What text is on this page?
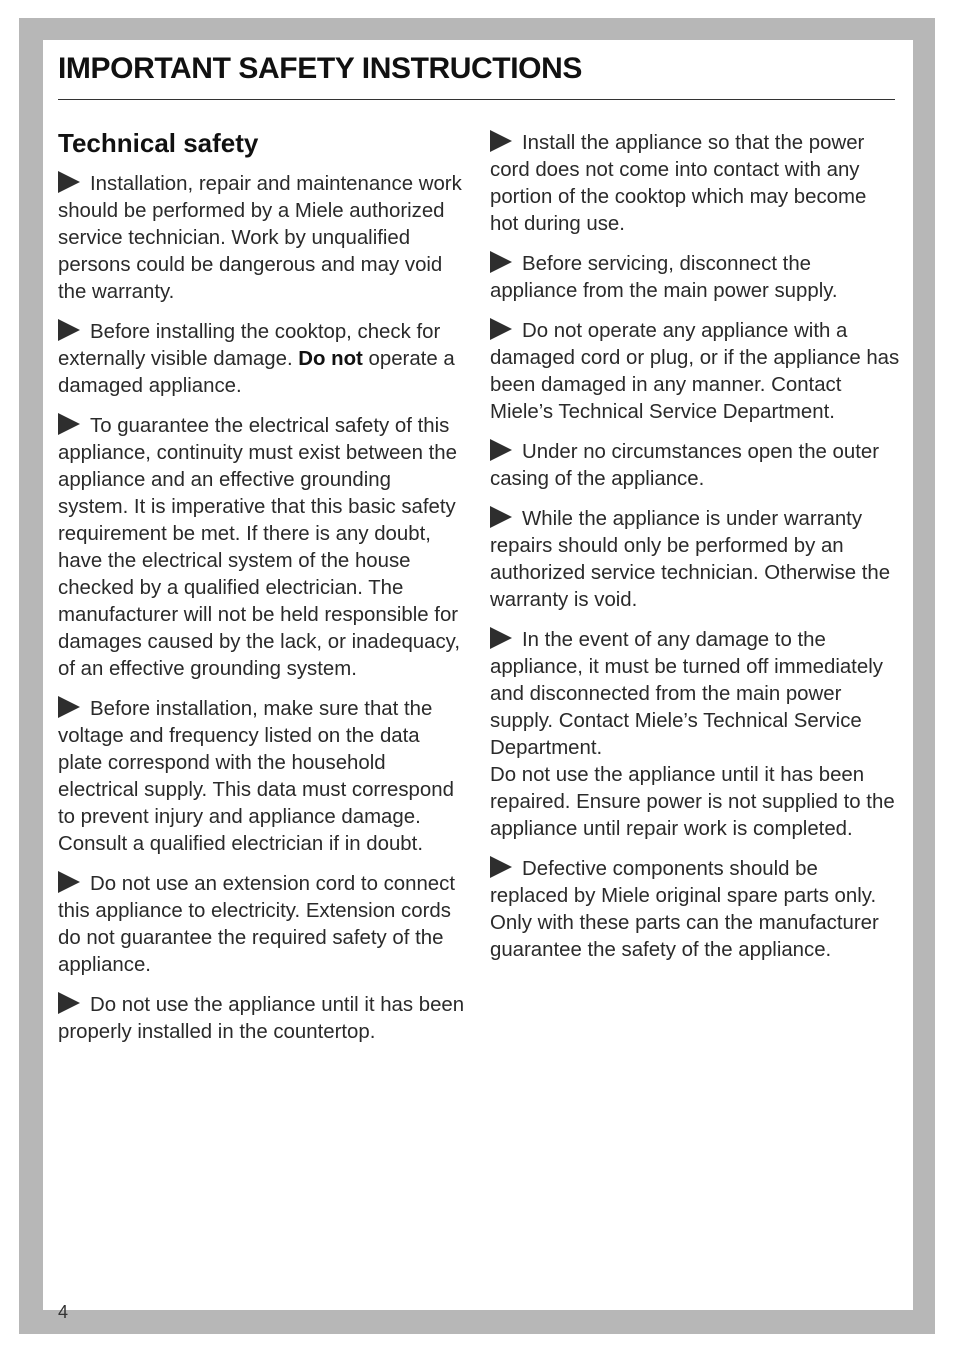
IMPORTANT SAFETY INSTRUCTIONS
Technical safety

Installation, repair and maintenance work should be performed by a Miele authorized service technician. Work by unqualified persons could be dangerous and may void the warranty.

Before installing the cooktop, check for externally visible damage. Do not operate a damaged appliance.

To guarantee the electrical safety of this appliance, continuity must exist between the appliance and an effective grounding system. It is imperative that this basic safety requirement be met. If there is any doubt, have the electrical system of the house checked by a qualified electrician. The manufacturer will not be held responsible for damages caused by the lack, or inadequacy, of an effective grounding system.

Before installation, make sure that the voltage and frequency listed on the data plate correspond with the household electrical supply. This data must correspond to prevent injury and appliance damage. Consult a qualified electrician if in doubt.

Do not use an extension cord to connect this appliance to electricity. Extension cords do not guarantee the required safety of the appliance.

Do not use the appliance until it has been properly installed in the countertop.

Install the appliance so that the power cord does not come into contact with any portion of the cooktop which may become hot during use.

Before servicing, disconnect the appliance from the main power supply.

Do not operate any appliance with a damaged cord or plug, or if the appliance has been damaged in any manner. Contact Miele’s Technical Service Department.

Under no circumstances open the outer casing of the appliance.

While the appliance is under warranty repairs should only be performed by an authorized service technician. Otherwise the warranty is void.

In the event of any damage to the appliance, it must be turned off immediately and disconnected from the main power supply. Contact Miele’s Technical Service Department.
Do not use the appliance until it has been repaired. Ensure power is not supplied to the appliance until repair work is completed.

Defective components should be replaced by Miele original spare parts only. Only with these parts can the manufacturer guarantee the safety of the appliance.

4
